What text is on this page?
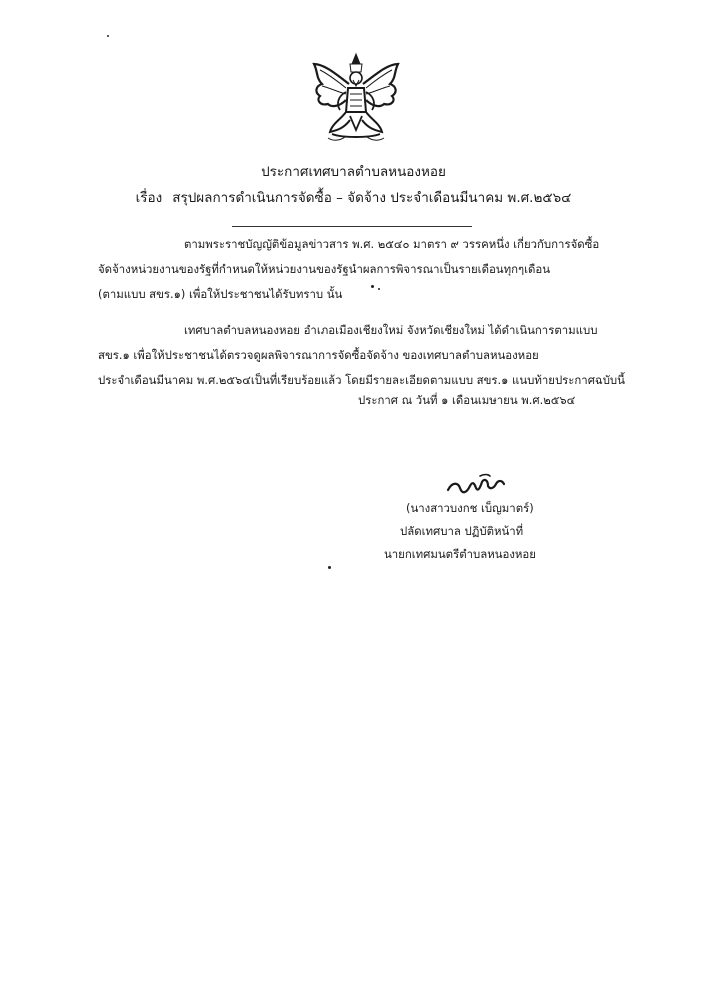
ประกาศเทศบาลตำบลหนองหอย
เรื่อง สรุปผลการดำเนินการจัดซื้อ – จัดจ้าง ประจำเดือนมีนาคม พ.ศ.๒๕๖๔
ตามพระราชบัญญัติข้อมูลข่าวสาร พ.ศ. ๒๕๔๐ มาตรา ๙ วรรคหนึ่ง เกี่ยวกับการจัดซื้อ
จัดจ้างหน่วยงานของรัฐที่กำหนดให้หน่วยงานของรัฐนำผลการพิจารณาเป็นรายเดือนทุกๆเดือน
(ตามแบบ สขร.๑) เพื่อให้ประชาชนได้รับทราบ นั้น
เทศบาลตำบลหนองหอย อำเภอเมืองเชียงใหม่ จังหวัดเชียงใหม่ ได้ดำเนินการตามแบบ
สขร.๑ เพื่อให้ประชาชนได้ตรวจดูผลพิจารณาการจัดซื้อจัดจ้าง ของเทศบาลตำบลหนองหอย
ประจำเดือนมีนาคม พ.ศ.๒๕๖๔เป็นที่เรียบร้อยแล้ว โดยมีรายละเอียดตามแบบ สขร.๑ แนบท้ายประกาศฉบับนี้
ประกาศ ณ วันที่ ๑ เดือนเมษายน พ.ศ.๒๕๖๔
(นางสาวบงกช เบ็ญมาตร์)
ปลัดเทศบาล ปฏิบัติหน้าที่
นายกเทศมนตรีตำบลหนองหอย
